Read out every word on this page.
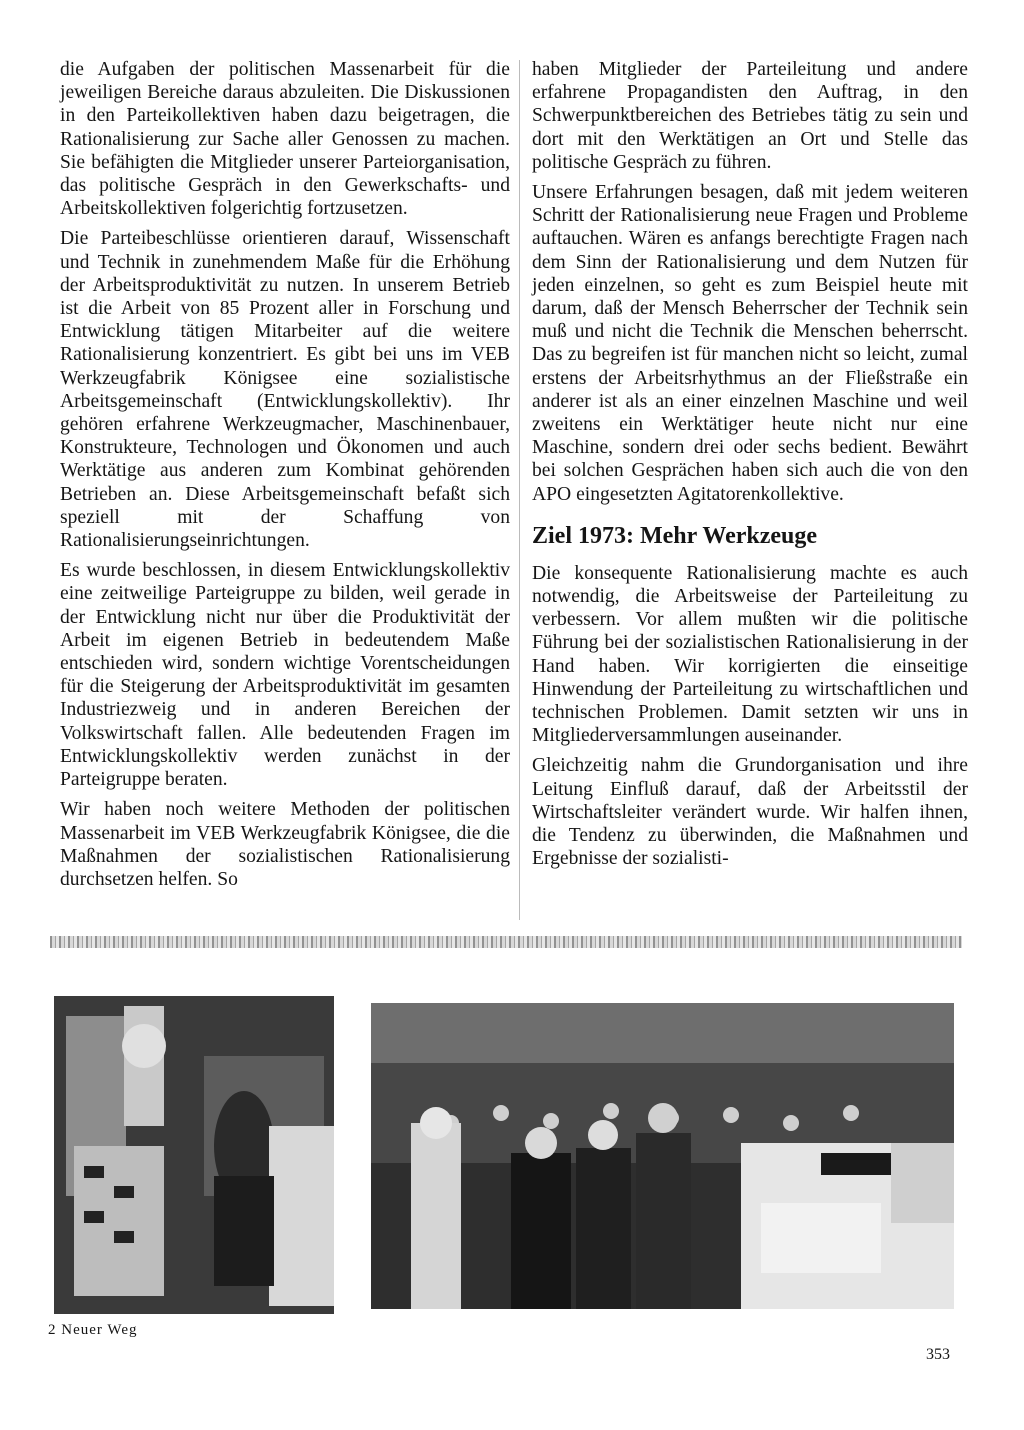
die Aufgaben der politischen Massenarbeit für die jeweiligen Bereiche daraus abzuleiten. Die Diskussionen in den Parteikollektiven haben dazu beigetragen, die Rationalisierung zur Sache aller Genossen zu machen. Sie befähigten die Mitglieder unserer Parteiorganisation, das politische Gespräch in den Gewerkschafts- und Arbeitskollektiven folgerichtig fortzusetzen.

Die Parteibeschlüsse orientieren darauf, Wissenschaft und Technik in zunehmendem Maße für die Erhöhung der Arbeitsproduktivität zu nutzen. In unserem Betrieb ist die Arbeit von 85 Prozent aller in Forschung und Entwicklung tätigen Mitarbeiter auf die weitere Rationalisierung konzentriert. Es gibt bei uns im VEB Werkzeugfabrik Königsee eine sozialistische Arbeitsgemeinschaft (Entwicklungskollektiv). Ihr gehören erfahrene Werkzeugmacher, Maschinenbauer, Konstrukteure, Technologen und Ökonomen und auch Werktätige aus anderen zum Kombinat gehörenden Betrieben an. Diese Arbeitsgemeinschaft befaßt sich speziell mit der Schaffung von Rationalisierungseinrichtungen.

Es wurde beschlossen, in diesem Entwicklungskollektiv eine zeitweilige Parteigruppe zu bilden, weil gerade in der Entwicklung nicht nur über die Produktivität der Arbeit im eigenen Betrieb in bedeutendem Maße entschieden wird, sondern wichtige Vorentscheidungen für die Steigerung der Arbeitsproduktivität im gesamten Industriezweig und in anderen Bereichen der Volkswirtschaft fallen. Alle bedeutenden Fragen im Entwicklungskollektiv werden zunächst in der Parteigruppe beraten.

Wir haben noch weitere Methoden der politischen Massenarbeit im VEB Werkzeugfabrik Königsee, die die Maßnahmen der sozialistischen Rationalisierung durchsetzen helfen. So

haben Mitglieder der Parteileitung und andere erfahrene Propagandisten den Auftrag, in den Schwerpunktbereichen des Betriebes tätig zu sein und dort mit den Werktätigen an Ort und Stelle das politische Gespräch zu führen.

Unsere Erfahrungen besagen, daß mit jedem weiteren Schritt der Rationalisierung neue Fragen und Probleme auftauchen. Wären es anfangs berechtigte Fragen nach dem Sinn der Rationalisierung und dem Nutzen für jeden einzelnen, so geht es zum Beispiel heute mit darum, daß der Mensch Beherrscher der Technik sein muß und nicht die Technik die Menschen beherrscht. Das zu begreifen ist für manchen nicht so leicht, zumal erstens der Arbeitsrhythmus an der Fließstraße ein anderer ist als an einer einzelnen Maschine und weil zweitens ein Werktätiger heute nicht nur eine Maschine, sondern drei oder sechs bedient. Bewährt bei solchen Gesprächen haben sich auch die von den APO eingesetzten Agitatorenkollektive.

Ziel 1973: Mehr Werkzeuge

Die konsequente Rationalisierung machte es auch notwendig, die Arbeitsweise der Parteileitung zu verbessern. Vor allem mußten wir die politische Führung bei der sozialistischen Rationalisierung in der Hand haben. Wir korrigierten die einseitige Hinwendung der Parteileitung zu wirtschaftlichen und technischen Problemen. Damit setzten wir uns in Mitgliederversammlungen auseinander.

Gleichzeitig nahm die Grundorganisation und ihre Leitung Einfluß darauf, daß der Arbeitsstil der Wirtschaftsleiter verändert wurde. Wir halfen ihnen, die Tendenz zu überwinden, die Maßnahmen und Ergebnisse der sozialisti-

2 Neuer Weg
353
